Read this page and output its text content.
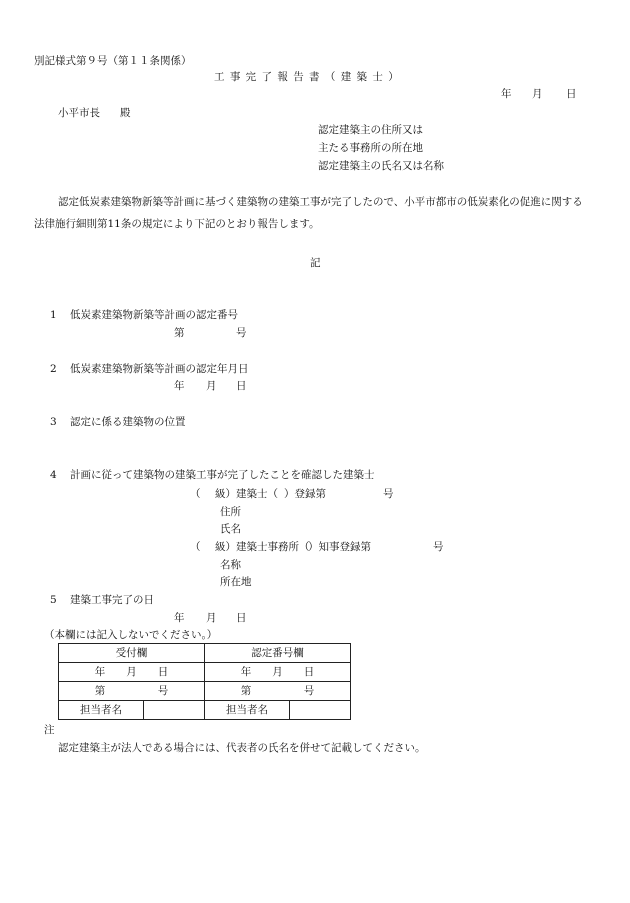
別記様式第９号（第１１条関係）
工 事 完 了 報 告 書 （ 建 築 士 ）
年 月 日
小平市長 殿
認定建築主の住所又は
主たる事務所の所在地
認定建築主の氏名又は名称
認定低炭素建築物新築等計画に基づく建築物の建築工事が完了したので、小平市都市の低炭素化の促進に関する
法律施行細則第11条の規定により下記のとおり報告します。
記
1 低炭素建築物新築等計画の認定番号
第	号
2 低炭素建築物新築等計画の認定年月日
年 月 日
3 認定に係る建築物の位置
4 計画に従って建築物の建築工事が完了したことを確認した建築士
（ 級）建築士（ ）登録第	号
住所
氏名
（ 級）建築士事務所（
）知事登録第	号
名称
所在地
5 建築工事完了の日
年 月 日
（本欄には記入しないでください。）
受付欄		認定番号欄	
年　　 月　　 日		年　　 月　　 日	
第　　　　　 号		第　　　　　 号	
担当者名		担当者名	
注
認定建築主が法人である場合には、代表者の氏名を併せて記載してください。
